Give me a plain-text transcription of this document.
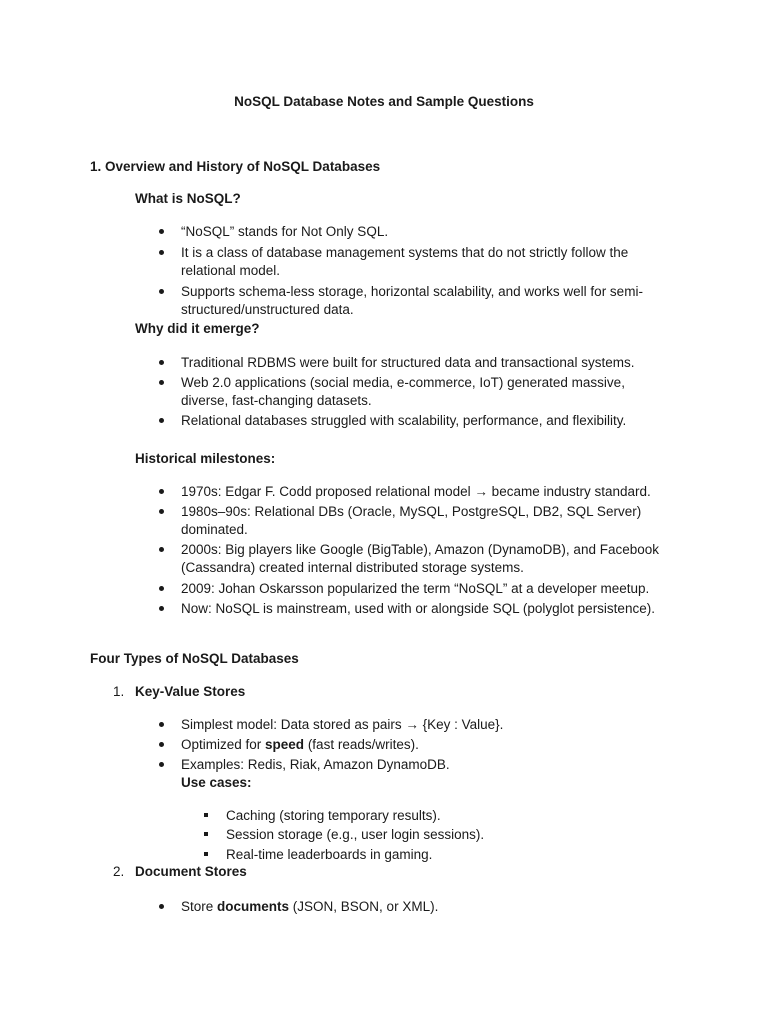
NoSQL Database Notes and Sample Questions
1. Overview and History of NoSQL Databases
What is NoSQL?
“NoSQL” stands for Not Only SQL.
It is a class of database management systems that do not strictly follow the relational model.
Supports schema-less storage, horizontal scalability, and works well for semi-structured/unstructured data.
Why did it emerge?
Traditional RDBMS were built for structured data and transactional systems.
Web 2.0 applications (social media, e-commerce, IoT) generated massive, diverse, fast-changing datasets.
Relational databases struggled with scalability, performance, and flexibility.
Historical milestones:
1970s: Edgar F. Codd proposed relational model → became industry standard.
1980s–90s: Relational DBs (Oracle, MySQL, PostgreSQL, DB2, SQL Server) dominated.
2000s: Big players like Google (BigTable), Amazon (DynamoDB), and Facebook (Cassandra) created internal distributed storage systems.
2009: Johan Oskarsson popularized the term “NoSQL” at a developer meetup.
Now: NoSQL is mainstream, used with or alongside SQL (polyglot persistence).
Four Types of NoSQL Databases
1. Key-Value Stores
Simplest model: Data stored as pairs → {Key : Value}.
Optimized for speed (fast reads/writes).
Examples: Redis, Riak, Amazon DynamoDB.
Use cases:
Caching (storing temporary results).
Session storage (e.g., user login sessions).
Real-time leaderboards in gaming.
2. Document Stores
Store documents (JSON, BSON, or XML).
